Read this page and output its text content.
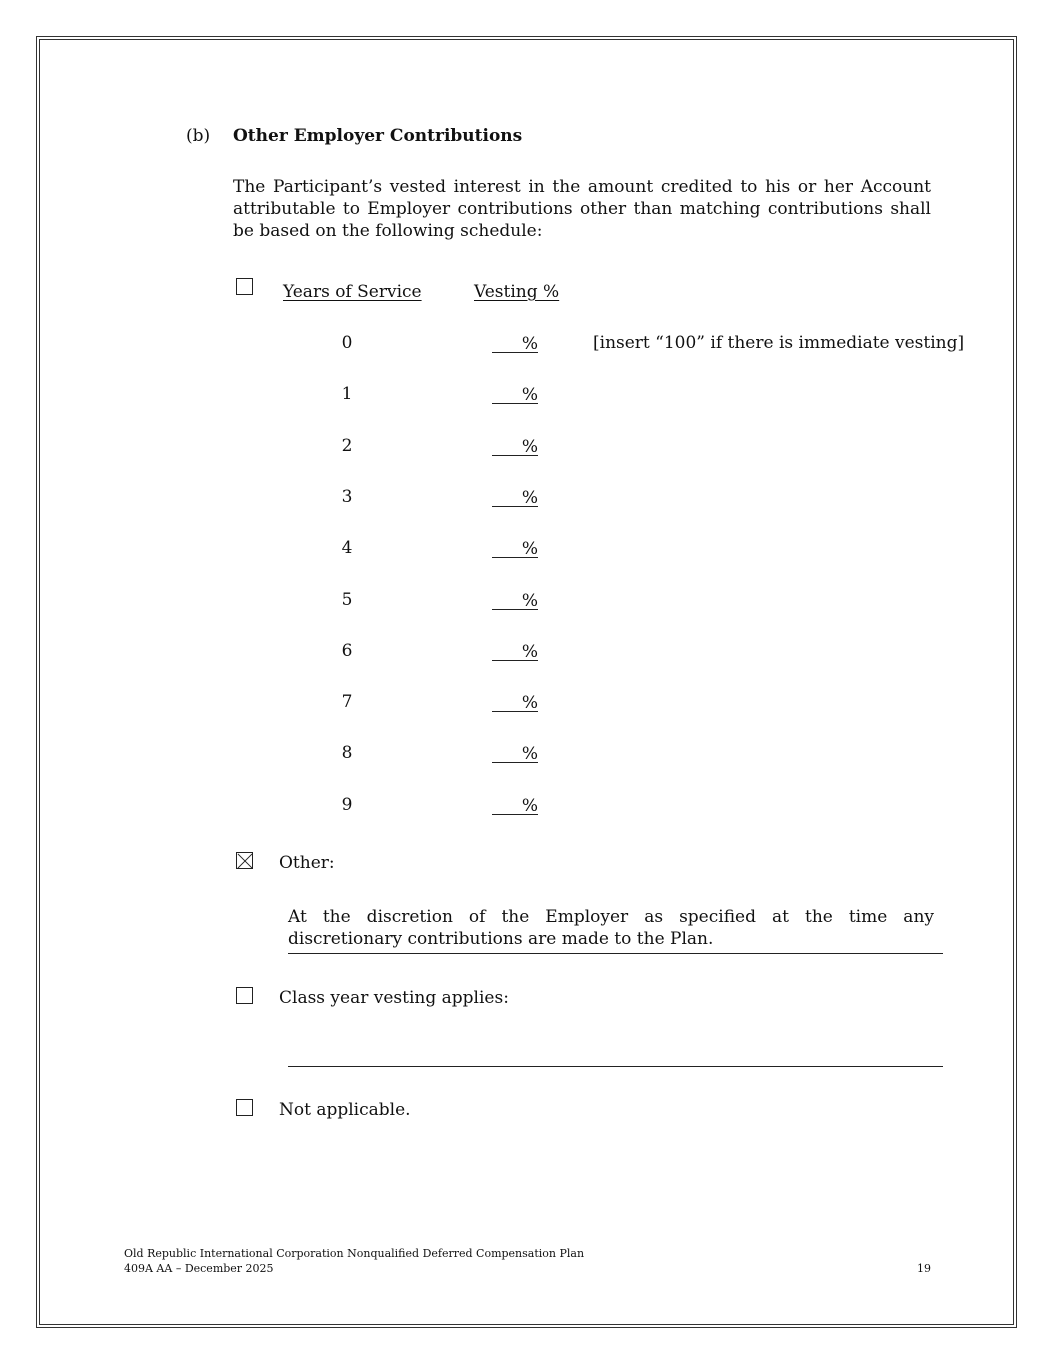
(b) Other Employer Contributions
The Participant’s vested interest in the amount credited to his or her Account attributable to Employer contributions other than matching contributions shall be based on the following schedule:
Years of Service	Vesting %
0	%
1	%
2	%
3	%
4	%
5	%
6	%
7	%
8	%
9	%
[insert “100” if there is immediate vesting]
Other:
At the discretion of the Employer as specified at the time any discretionary contributions are made to the Plan.
Class year vesting applies:
Not applicable.
Old Republic International Corporation Nonqualified Deferred Compensation Plan
409A AA – December 2025	19
